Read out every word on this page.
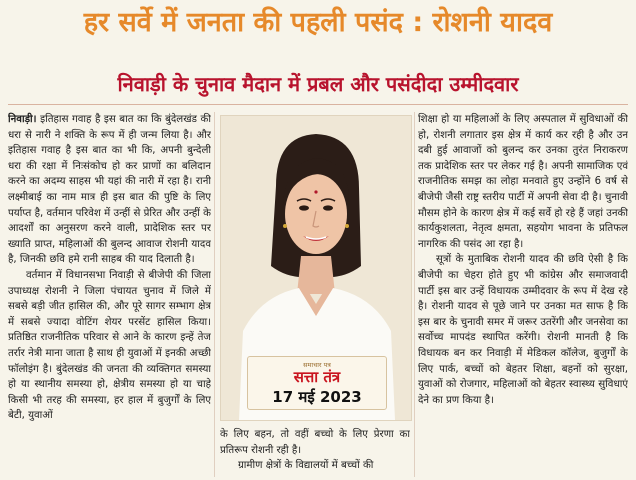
हर सर्वे में जनता की पहली पसंद : रोशनी यादव
निवाड़ी के चुनाव मैदान में प्रबल और पसंदीदा उम्मीदवार

निवाड़ी। इतिहास गवाह है इस बात का कि बुंदेलखंड की धरा से नारी ने शक्ति के रूप में ही जन्म लिया है। और इतिहास गवाह है इस बात का भी कि, अपनी बुन्देली धरा की रक्षा में निःसंकोच हो कर प्राणों का बलिदान करने का अदम्य साहस भी यहां की नारी में रहा है। रानी लक्ष्मीबाई का नाम मात्र ही इस बात की पुष्टि के लिए पर्याप्त है, वर्तमान परिवेश में उन्हीं से प्रेरित और उन्हीं के आदर्शों का अनुसरण करने वाली, प्रादेशिक स्तर पर ख्याति प्राप्त, महिलाओं की बुलन्द आवाज रोशनी यादव है, जिनकी छवि हमे रानी साहब की याद दिलाती है।

वर्तमान में विधानसभा निवाड़ी से बीजेपी की जिला उपाध्यक्ष रोशनी ने जिला पंचायत चुनाव में जिले में सबसे बड़ी जीत हासिल की, और पूरे सागर सम्भाग क्षेत्र में सबसे ज्यादा वोटिंग शेयर परसेंट हासिल किया। प्रतिष्ठित राजनीतिक परिवार से आने के कारण इन्हें तेज तर्रार नेत्री माना जाता है साथ ही युवाओं में इनकी अच्छी फॉलोइंग है। बुंदेलखंड की जनता की व्यक्तिगत समस्या हो या स्थानीय समस्या हो, क्षेत्रीय समस्या हो या चाहे किसी भी तरह की समस्या, हर हाल में बुजुर्गों के लिए बेटी, युवाओं

समाचार पत्र
सत्ता तंत्र
17 मई 2023

के लिए बहन, तो वहीं बच्चो के लिए प्रेरणा का प्रतिरूप रोशनी रही है।

ग्रामीण क्षेत्रों के विद्यालयों में बच्चों की

शिक्षा हो या महिलाओं के लिए अस्पताल में सुविधाओं की हो, रोशनी लगातार इस क्षेत्र में कार्य कर रही है और उन दबी हुई आवाजों को बुलन्द कर उनका तुरंत निराकरण तक प्रादेशिक स्तर पर लेकर गई है। अपनी सामाजिक एवं राजनीतिक समझ का लोहा मनवाते हुए उन्होंने 6 वर्ष से बीजेपी जैसी राष्ट्र स्तरीय पार्टी में अपनी सेवा दी है। चुनावी मौसम होने के कारण क्षेत्र में कई सर्वे हो रहे हैं जहां उनकी कार्यकुशलता, नेतृत्व क्षमता, सहयोग भावना के प्रतिफल नागरिक की पसंद आ रहा है।

सूत्रों के मुताबिक रोशनी यादव की छवि ऐसी है कि बीजेपी का चेहरा होते हुए भी कांग्रेस और समाजवादी पार्टी इस बार उन्हें विधायक उम्मीदवार के रूप में देख रहे है। रोशनी यादव से पूछे जाने पर उनका मत साफ है कि इस बार के चुनावी समर में जरूर उतरेंगी और जनसेवा का सर्वोच्च मापदंड स्थापित करेंगी। रोशनी मानती है कि विधायक बन कर निवाड़ी में मेडिकल कॉलेज, बुजुर्गों के लिए पार्क, बच्चों को बेहतर शिक्षा, बहनों को सुरक्षा, युवाओं को रोजगार, महिलाओं को बेहतर स्वास्थ्य सुविधाएं देने का प्रण किया है।
